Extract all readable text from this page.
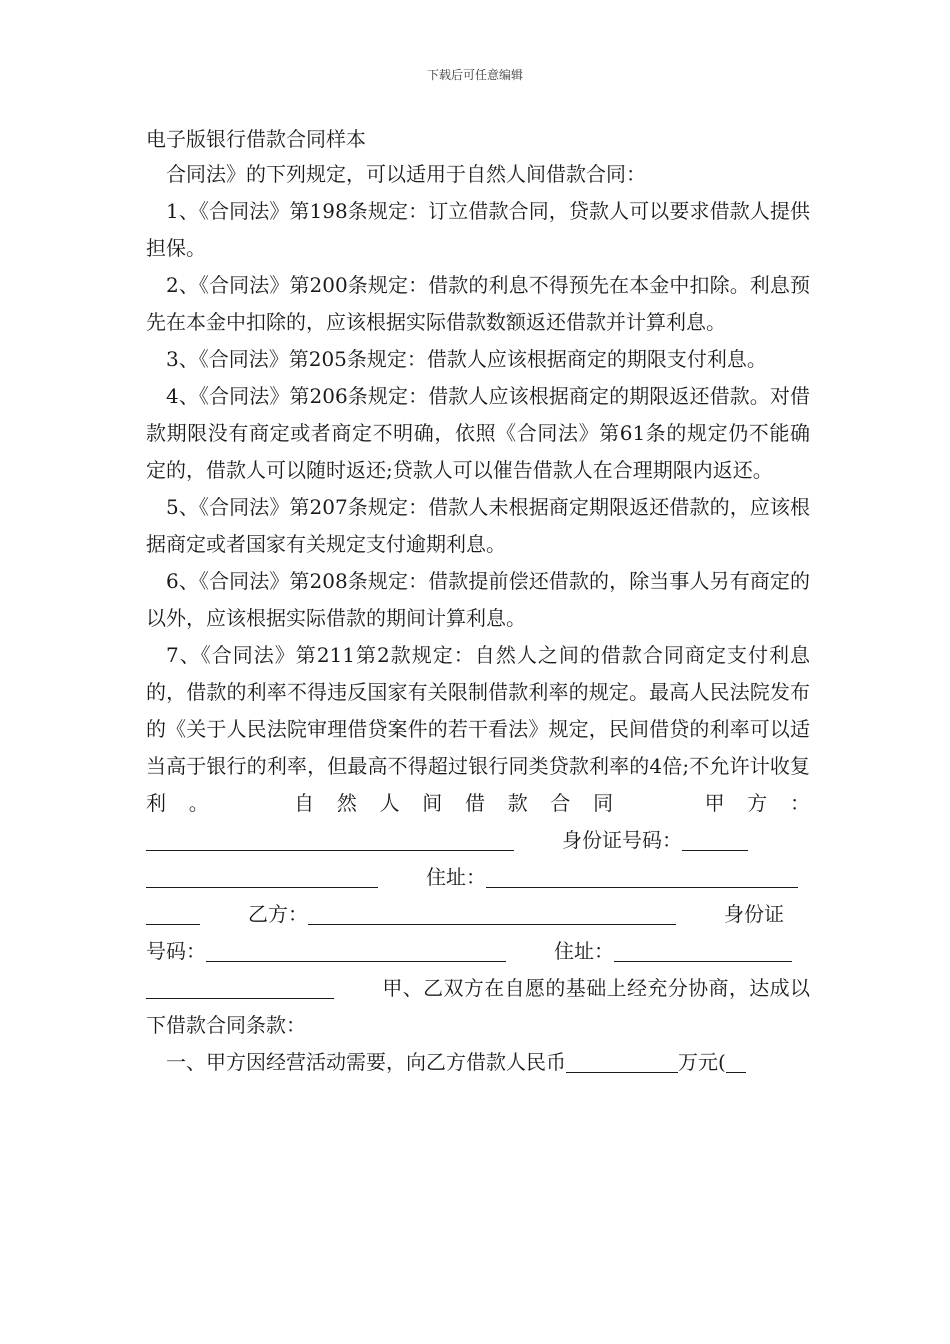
下载后可任意编辑
电子版银行借款合同样本

合同法》的下列规定，可以适用于自然人间借款合同：

1、《合同法》第198条规定：订立借款合同，贷款人可以要求借款人提供担保。

2、《合同法》第200条规定：借款的利息不得预先在本金中扣除。利息预先在本金中扣除的，应该根据实际借款数额返还借款并计算利息。

3、《合同法》第205条规定：借款人应该根据商定的期限支付利息。

4、《合同法》第206条规定：借款人应该根据商定的期限返还借款。对借款期限没有商定或者商定不明确，依照《合同法》第61条的规定仍不能确定的，借款人可以随时返还;贷款人可以催告借款人在合理期限内返还。

5、《合同法》第207条规定：借款人未根据商定期限返还借款的，应该根据商定或者国家有关规定支付逾期利息。

6、《合同法》第208条规定：借款提前偿还借款的，除当事人另有商定的以外，应该根据实际借款的期间计算利息。

7、《合同法》第211第2款规定：自然人之间的借款合同商定支付利息的，借款的利率不得违反国家有关限制借款利率的规定。最高人民法院发布的《关于人民法院审理借贷案件的若干看法》规定，民间借贷的利率可以适当高于银行的利率，但最高不得超过银行同类贷款利率的4倍;不允许计收复利。 自然人间借款合同 甲方：身份证号码：

住址：

乙方：	身份证

号码：	住址：

甲、乙双方在自愿的基础上经充分协商，达成以下借款合同条款：

一、甲方因经营活动需要，向乙方借款人民币	万元(
